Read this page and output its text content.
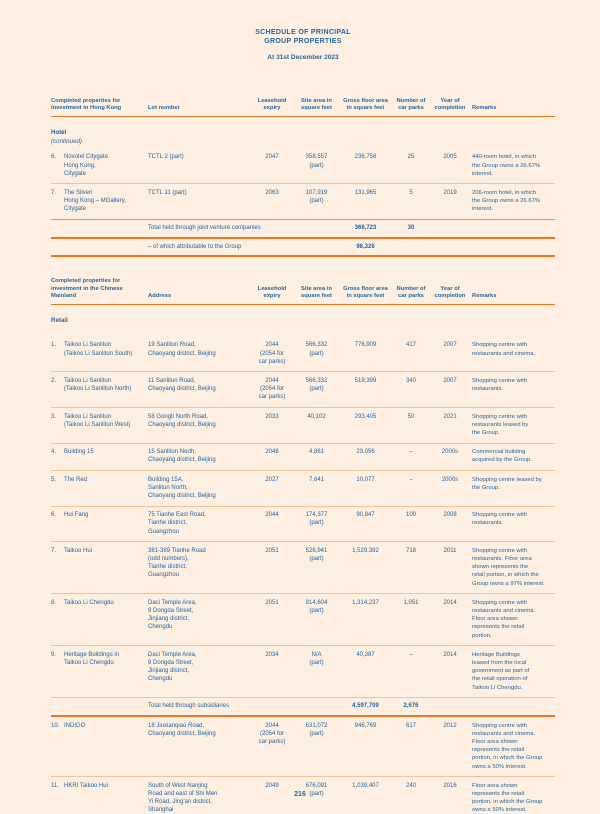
SCHEDULE OF PRINCIPAL
GROUP PROPERTIES
At 31st December 2023
Completed properties for
investment in Hong Kong		Lot number	Leasehold
expiry	Site area in
square feet	Gross floor area
in square feet	Number of
car parks	Year of
completion	Remarks

Hotel
(continued)								

6.	Novotel Citygate
Hong Kong,
Citygate	TCTL 2 (part)	2047	358,557
(part)	236,758	25	2005	440-room hotel, in which
the Group owns a 26.67%
interest.
7.	The Silveri
Hong Kong – MGallery,
Citygate	TCTL 11 (part)	2063	107,919
(part)	131,965	5	2019	206-room hotel, in which
the Group owns a 26.67%
interest.
		Total held through joint venture companies			368,723	30		
		– of which attributable to the Group			98,326			
Completed properties for
investment in the Chinese Mainland		Address	Leasehold
expiry	Site area in
square feet	Gross floor area
in square feet	Number of
car parks	Year of
completion	Remarks

Retail								

1.	Taikoo Li Sanlitun
(Taikoo Li Sanlitun South)	19 Sanlitun Road,
Chaoyang district, Beijing	2044
(2054 for
car parks)	566,332
(part)	776,909	417	2007	Shopping centre with
restaurants and cinema.
2.	Taikoo Li Sanlitun
(Taikoo Li Sanlitun North)	11 Sanlitun Road,
Chaoyang district, Beijing	2044
(2054 for
car parks)	566,332
(part)	519,399	340	2007	Shopping centre with
restaurants.
3.	Taikoo Li Sanlitun
(Taikoo Li Sanlitun West)	58 Gongti North Road,
Chaoyang district, Beijing	2033	40,102	293,405	50	2021	Shopping centre with
restaurants leased by
the Group.
4.	Building 15	15 Sanlitun North,
Chaoyang district, Beijing	2048	4,861	23,056	–	2000s	Commercial building
acquired by the Group.
5.	The Red	Building 15A,
Sanlitun North,
Chaoyang district, Beijing	2027	7,641	10,077	–	2000s	Shopping centre leased by
the Group.
6.	Hui Fang	75 Tianhe East Road,
Tianhe district,
Guangzhou	2044	174,377
(part)	90,847	100	2008	Shopping centre with
restaurants.
7.	Taikoo Hui	381-389 Tianhe Road
(odd numbers),
Tianhe district,
Guangzhou	2051	526,941
(part)	1,529,392	718	2011	Shopping centre with
restaurants. Floor area
shown represents the
retail portion, in which the
Group owns a 97% interest.
8.	Taikoo Li Chengdu	Daci Temple Area,
9 Dongda Street,
Jinjiang district,
Chengdu	2051	814,604
(part)	1,314,237	1,051	2014	Shopping centre with
restaurants and cinema.
Floor area shown
represents the retail
portion.
9.	Heritage Buildings in
Taikoo Li Chengdu	Daci Temple Area,
9 Dongda Street,
Jinjiang district,
Chengdu	2034	N/A
(part)	40,387	–	2014	Heritage Buildings
leased from the local
government as part of
the retail operation of
Taikoo Li Chengdu.
		Total held through subsidiaries			4,597,709	2,676		
10.	INDIGO	18 Jiuxianqiao Road,
Chaoyang district, Beijing	2044
(2054 for
car parks)	631,072
(part)	946,769	617	2012	Shopping centre with
restaurants and cinema.
Floor area shown
represents the retail
portion, in which the Group
owns a 50% interest.
11.	HKRI Taikoo Hui	South of West Nanjing
Road and east of Shi Men
Yi Road, Jing'an district,
Shanghai	2049	676,091
(part)	1,039,407	240	2016	Floor area shown
represents the retail
portion, in which the Group
owns a 50% interest.
216
